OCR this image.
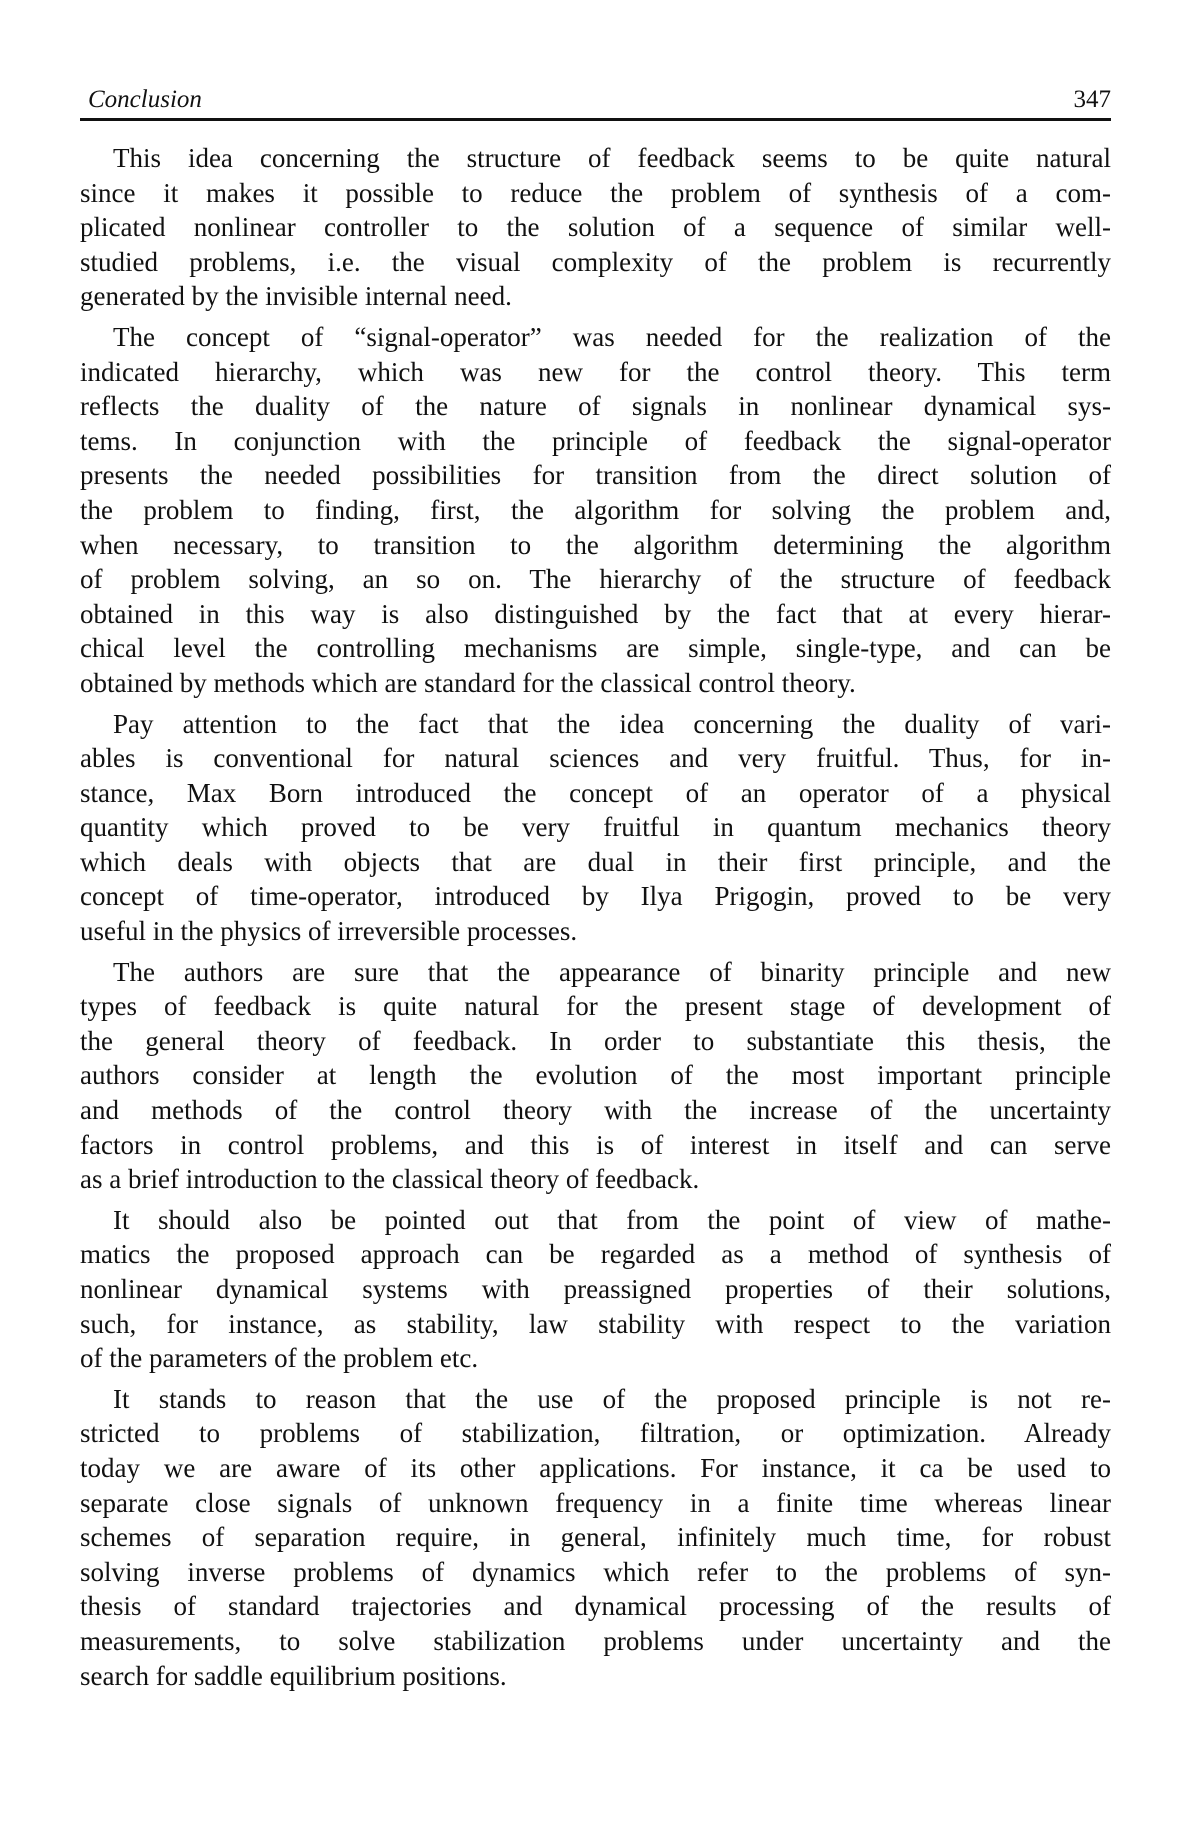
Conclusion	347
This idea concerning the structure of feedback seems to be quite natural
since it makes it possible to reduce the problem of synthesis of a com-
plicated nonlinear controller to the solution of a sequence of similar well-
studied problems, i.e. the visual complexity of the problem is recurrently
generated by the invisible internal need.
The concept of “signal-operator” was needed for the realization of the
indicated hierarchy, which was new for the control theory. This term
reflects the duality of the nature of signals in nonlinear dynamical sys-
tems. In conjunction with the principle of feedback the signal-operator
presents the needed possibilities for transition from the direct solution of
the problem to finding, first, the algorithm for solving the problem and,
when necessary, to transition to the algorithm determining the algorithm
of problem solving, an so on. The hierarchy of the structure of feedback
obtained in this way is also distinguished by the fact that at every hierar-
chical level the controlling mechanisms are simple, single-type, and can be
obtained by methods which are standard for the classical control theory.
Pay attention to the fact that the idea concerning the duality of vari-
ables is conventional for natural sciences and very fruitful. Thus, for in-
stance, Max Born introduced the concept of an operator of a physical
quantity which proved to be very fruitful in quantum mechanics theory
which deals with objects that are dual in their first principle, and the
concept of time-operator, introduced by Ilya Prigogin, proved to be very
useful in the physics of irreversible processes.
The authors are sure that the appearance of binarity principle and new
types of feedback is quite natural for the present stage of development of
the general theory of feedback. In order to substantiate this thesis, the
authors consider at length the evolution of the most important principle
and methods of the control theory with the increase of the uncertainty
factors in control problems, and this is of interest in itself and can serve
as a brief introduction to the classical theory of feedback.
It should also be pointed out that from the point of view of mathe-
matics the proposed approach can be regarded as a method of synthesis of
nonlinear dynamical systems with preassigned properties of their solutions,
such, for instance, as stability, law stability with respect to the variation
of the parameters of the problem etc.
It stands to reason that the use of the proposed principle is not re-
stricted to problems of stabilization, filtration, or optimization. Already
today we are aware of its other applications. For instance, it ca be used to
separate close signals of unknown frequency in a finite time whereas linear
schemes of separation require, in general, infinitely much time, for robust
solving inverse problems of dynamics which refer to the problems of syn-
thesis of standard trajectories and dynamical processing of the results of
measurements, to solve stabilization problems under uncertainty and the
search for saddle equilibrium positions.
